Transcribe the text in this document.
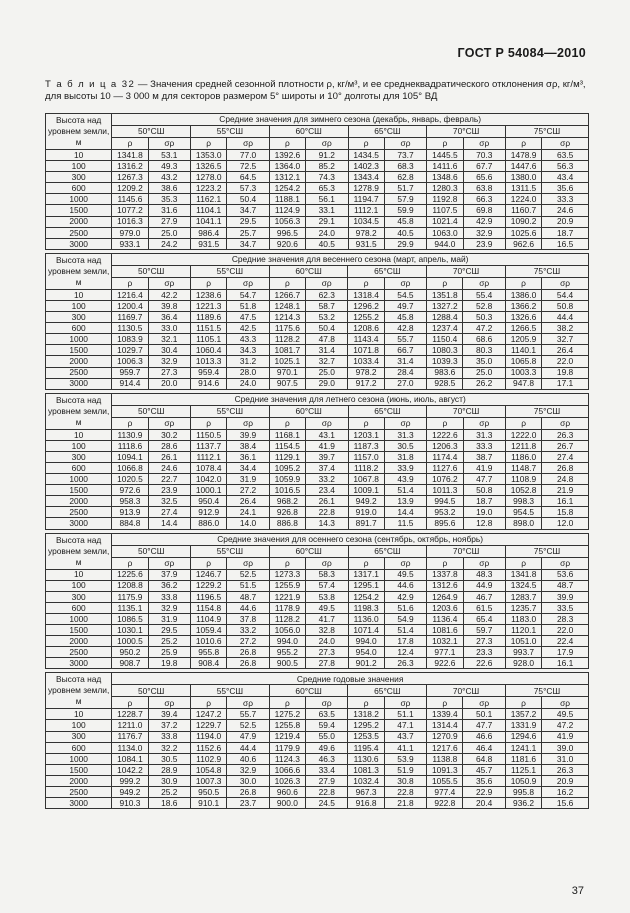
ГОСТ Р 54084—2010
Т а б л и ц а 32 — Значения средней сезонной плотности ρ, кг/м³, и ее среднеквадратического отклонения σρ, кг/м³,
для высоты 10 — 3 000 м для секторов размером 5° широты и 10° долготы для 105° ВД
Высота над уровнем земли, м	Средние значения для зимнего сезона (декабрь, январь, февраль)											
	50°СШ		55°СШ		60°СШ		65°СШ		70°СШ		75°СШ	
	ρ	σρ	ρ	σρ	ρ	σρ	ρ	σρ	ρ	σρ	ρ	σρ
10	1341.8	53.1	1353.0	77.0	1392.6	91.2	1434.5	73.7	1445.5	70.3	1478.9	63.5
100	1316.2	49.3	1326.5	72.5	1364.0	85.2	1402.3	68.3	1411.6	67.7	1447.6	56.3
300	1267.3	43.2	1278.0	64.5	1312.1	74.3	1343.4	62.8	1348.6	65.6	1380.0	43.4
600	1209.2	38.6	1223.2	57.3	1254.2	65.3	1278.9	51.7	1280.3	63.8	1311.5	35.6
1000	1145.6	35.3	1162.1	50.4	1188.1	56.1	1194.7	57.9	1192.8	66.3	1224.0	33.3
1500	1077.2	31.6	1104.1	34.7	1124.9	33.1	1112.1	59.9	1107.5	69.8	1160.7	24.6
2000	1016.3	27.9	1041.1	29.5	1056.3	29.1	1034.5	45.8	1021.4	42.9	1090.2	20.9
2500	979.0	25.0	986.4	25.7	996.5	24.0	978.2	40.5	1063.0	32.9	1025.6	18.7
3000	933.1	24.2	931.5	34.7	920.6	40.5	931.5	29.9	944.0	23.9	962.6	16.5
Высота над уровнем земли, м	Средние значения для весеннего сезона (март, апрель, май)											
	50°СШ		55°СШ		60°СШ		65°СШ		70°СШ		75°СШ	
	ρ	σρ	ρ	σρ	ρ	σρ	ρ	σρ	ρ	σρ	ρ	σρ
10	1216.4	42.2	1238.6	54.7	1266.7	62.3	1318.4	54.5	1351.8	55.4	1386.0	54.4
100	1200.4	39.8	1221.3	51.8	1248.1	58.7	1296.2	49.7	1327.2	52.8	1366.2	50.8
300	1169.7	36.4	1189.6	47.5	1214.3	53.2	1255.2	45.8	1288.4	50.3	1326.6	44.4
600	1130.5	33.0	1151.5	42.5	1175.6	50.4	1208.6	42.8	1237.4	47.2	1266.5	38.2
1000	1083.9	32.1	1105.1	43.3	1128.2	47.8	1143.4	55.7	1150.4	68.6	1205.9	32.7
1500	1029.7	30.4	1060.4	34.3	1081.7	31.4	1071.8	66.7	1080.3	80.3	1140.1	26.4
2000	1006.3	32.9	1013.3	31.2	1025.1	32.7	1033.4	31.4	1039.3	35.0	1065.8	22.0
2500	959.7	27.3	959.4	28.0	970.1	25.0	978.2	28.4	983.6	25.0	1003.3	19.8
3000	914.4	20.0	914.6	24.0	907.5	29.0	917.2	27.0	928.5	26.2	947.8	17.1
Высота над уровнем земли, м	Средние значения для летнего сезона (июнь, июль, август)											
	50°СШ		55°СШ		60°СШ		65°СШ		70°СШ		75°СШ	
	ρ	σρ	ρ	σρ	ρ	σρ	ρ	σρ	ρ	σρ	ρ	σρ
10	1130.9	30.2	1150.5	39.9	1168.1	43.1	1203.1	31.3	1222.6	31.3	1222.0	26.3
100	1118.6	28.6	1137.7	38.4	1154.5	41.9	1187.3	30.5	1206.3	33.3	1211.8	26.7
300	1094.1	26.1	1112.1	36.1	1129.1	39.7	1157.0	31.8	1174.4	38.7	1186.0	27.4
600	1066.8	24.6	1078.4	34.4	1095.2	37.4	1118.2	33.9	1127.6	41.9	1148.7	26.8
1000	1020.5	22.7	1042.0	31.9	1059.9	33.2	1067.8	43.9	1076.2	47.7	1108.9	24.8
1500	972.6	23.9	1000.1	27.2	1016.5	23.4	1009.1	51.4	1011.3	50.8	1052.8	21.9
2000	958.3	32.5	950.4	26.4	968.2	26.1	949.2	13.9	994.5	18.7	998.3	16.1
2500	913.9	27.4	912.9	24.1	926.8	22.8	919.0	14.4	953.2	19.0	954.5	15.8
3000	884.8	14.4	886.0	14.0	886.8	14.3	891.7	11.5	895.6	12.8	898.0	12.0
Высота над уровнем земли, м	Средние значения для осеннего сезона (сентябрь, октябрь, ноябрь)											
	50°СШ		55°СШ		60°СШ		65°СШ		70°СШ		75°СШ	
	ρ	σρ	ρ	σρ	ρ	σρ	ρ	σρ	ρ	σρ	ρ	σρ
10	1225.6	37.9	1246.7	52.5	1273.3	58.3	1317.1	49.5	1337.8	48.3	1341.8	53.6
100	1208.8	36.2	1229.2	51.5	1255.9	57.4	1295.1	44.6	1312.6	44.9	1324.5	48.7
300	1175.9	33.8	1196.5	48.7	1221.9	53.8	1254.2	42.9	1264.9	46.7	1283.7	39.9
600	1135.1	32.9	1154.8	44.6	1178.9	49.5	1198.3	51.6	1203.6	61.5	1235.7	33.5
1000	1086.5	31.9	1104.9	37.8	1128.2	41.7	1136.0	54.9	1136.4	65.4	1183.0	28.3
1500	1030.1	29.5	1059.4	33.2	1056.0	32.8	1071.4	51.4	1081.6	59.7	1120.1	22.0
2000	1000.5	25.2	1010.6	27.2	994.0	24.0	994.0	17.8	1032.1	27.3	1051.0	22.4
2500	950.2	25.9	955.8	26.8	955.2	27.3	954.0	12.4	977.1	23.3	993.7	17.9
3000	908.7	19.8	908.4	26.8	900.5	27.8	901.2	26.3	922.6	22.6	928.0	16.1
Высота над уровнем земли, м	Средние годовые значения											
	50°СШ		55°СШ		60°СШ		65°СШ		70°СШ		75°СШ	
	ρ	σρ	ρ	σρ	ρ	σρ	ρ	σρ	ρ	σρ	ρ	σρ
10	1228.7	39.4	1247.2	55.7	1275.2	63.5	1318.2	51.1	1339.4	50.1	1357.2	49.5
100	1211.0	37.2	1229.7	52.5	1255.8	59.4	1295.2	47.1	1314.4	47.7	1331.9	47.2
300	1176.7	33.8	1194.0	47.9	1219.4	55.0	1253.5	43.7	1270.9	46.6	1294.6	41.9
600	1134.0	32.2	1152.6	44.4	1179.9	49.6	1195.4	41.1	1217.6	46.4	1241.1	39.0
1000	1084.1	30.5	1102.9	40.6	1124.3	46.3	1130.6	53.9	1138.8	64.8	1181.6	31.0
1500	1042.2	28.9	1054.8	32.9	1066.6	33.4	1081.3	51.9	1091.3	45.7	1125.1	26.3
2000	999.2	30.9	1007.3	30.0	1026.3	27.9	1032.4	30.8	1055.5	35.6	1050.9	20.9
2500	949.2	25.2	950.5	26.8	960.6	22.8	967.3	22.8	977.4	22.9	995.8	16.2
3000	910.3	18.6	910.1	23.7	900.0	24.5	916.8	21.8	922.8	20.4	936.2	15.6
37
